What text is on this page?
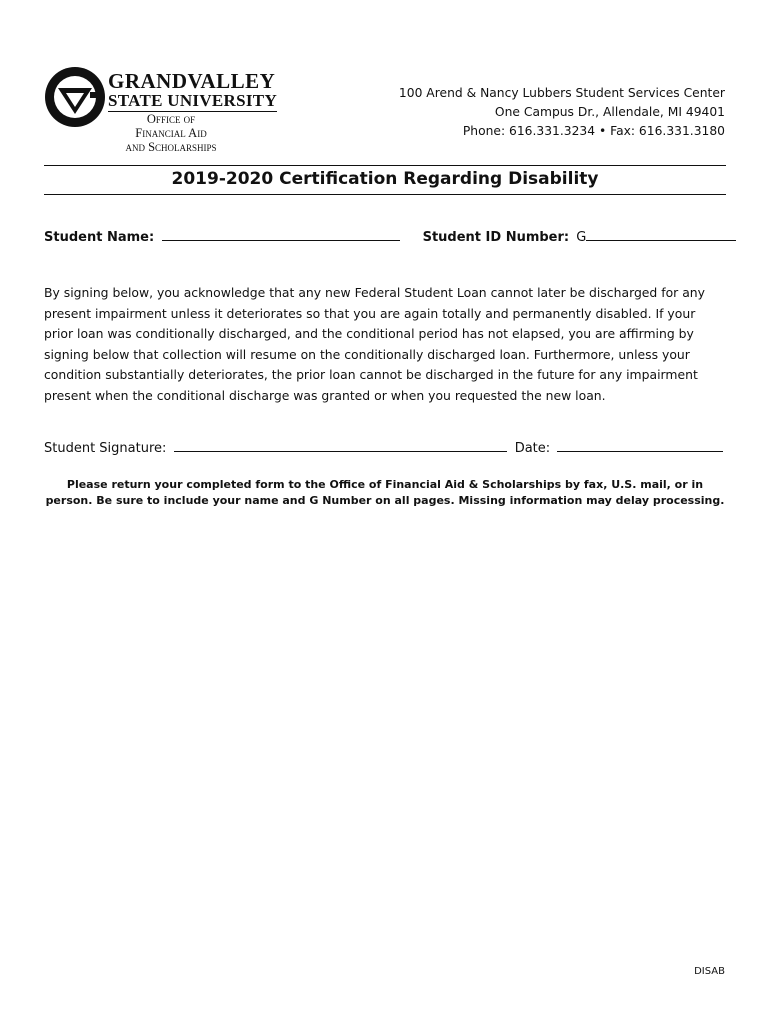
GRANDVALLEY
STATE UNIVERSITY
Office of
Financial Aid
and Scholarships
100 Arend & Nancy Lubbers Student Services Center
One Campus Dr., Allendale, MI 49401
Phone: 616.331.3234 • Fax: 616.331.3180
2019-2020 Certification Regarding Disability
Student Name:	Student ID Number: G
By signing below, you acknowledge that any new Federal Student Loan cannot later be discharged for any present impairment unless it deteriorates so that you are again totally and permanently disabled. If your prior loan was conditionally discharged, and the conditional period has not elapsed, you are affirming by signing below that collection will resume on the conditionally discharged loan. Furthermore, unless your condition substantially deteriorates, the prior loan cannot be discharged in the future for any impairment present when the conditional discharge was granted or when you requested the new loan.
Student Signature:	Date:
Please return your completed form to the Office of Financial Aid & Scholarships by fax, U.S. mail, or in person. Be sure to include your name and G Number on all pages. Missing information may delay processing.
DISAB
